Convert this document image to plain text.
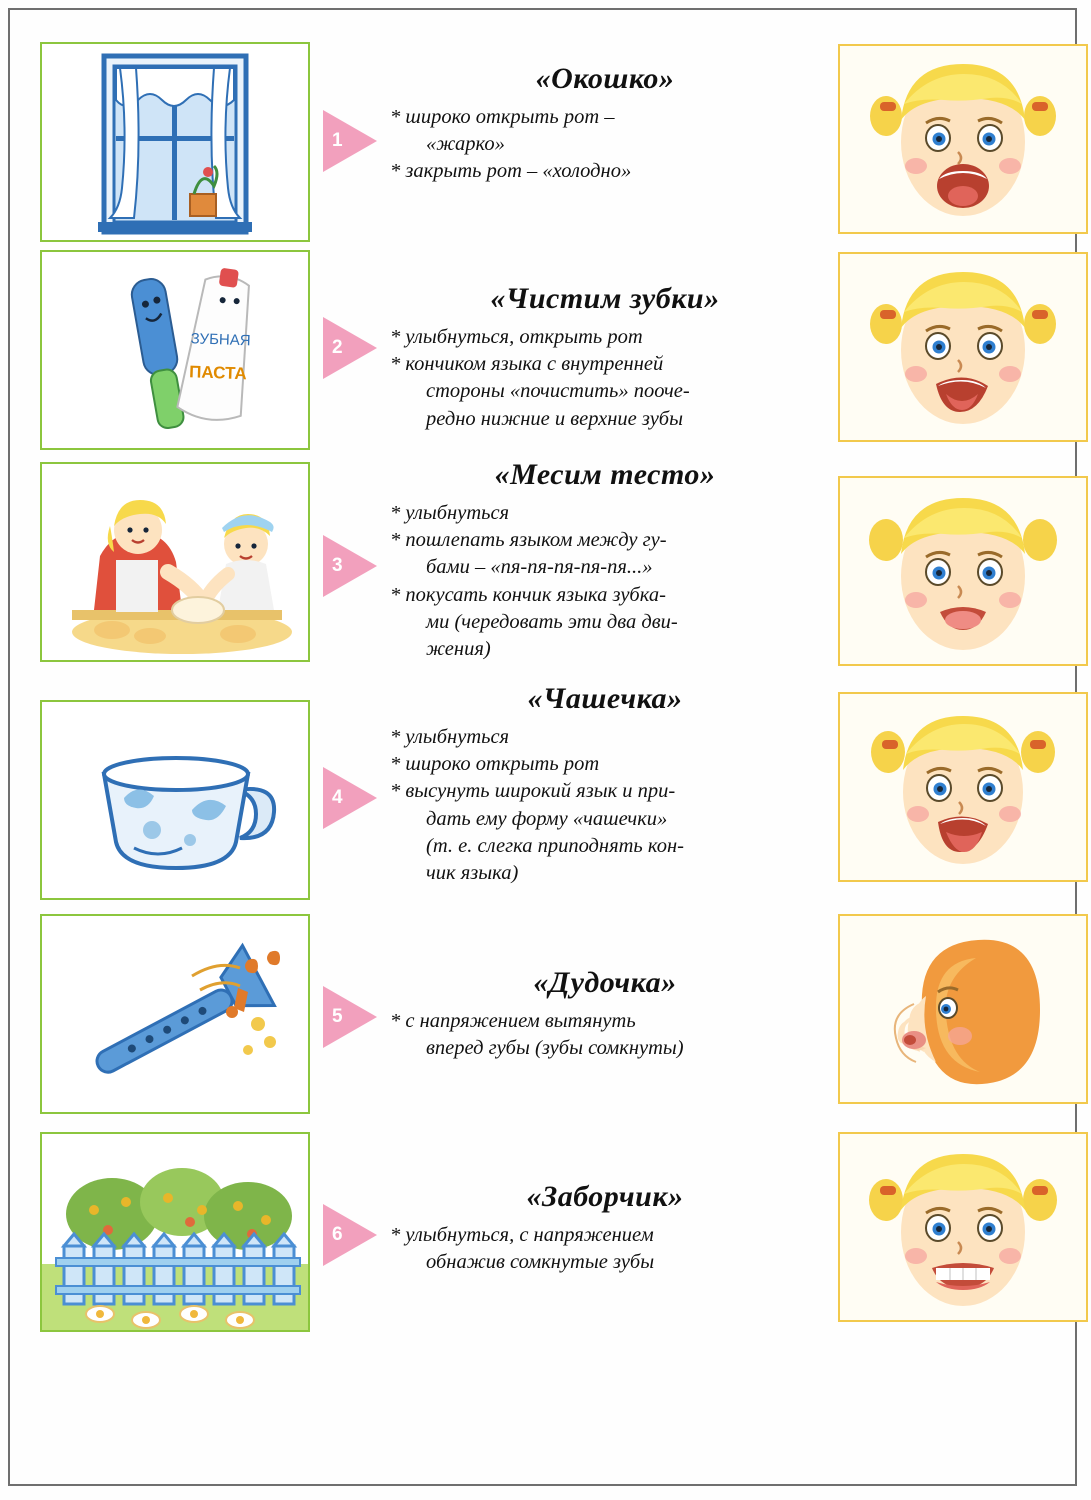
1
«Окошко»
* широко открыть рот –
«жарко»
* закрыть рот – «холодно»
ЗУБНАЯ
ПАСТА
2
«Чистим зубки»
* улыбнуться, открыть рот
* кончиком языка с внутренней
стороны «почистить» пооче-
редно нижние и верхние зубы
3
«Месим тесто»
* улыбнуться
* пошлепать языком между гу-
бами – «пя-пя-пя-пя-пя...»
* покусать кончик языка зубка-
ми (чередовать эти два дви-
жения)
4
«Чашечка»
* улыбнуться
* широко открыть рот
* высунуть широкий язык и при-
дать ему форму «чашечки»
(т. е. слегка приподнять кон-
чик языка)
5
«Дудочка»
* с напряжением вытянуть
вперед губы (зубы сомкнуты)
6
«Заборчик»
* улыбнуться, с напряжением
обнажив сомкнутые зубы
